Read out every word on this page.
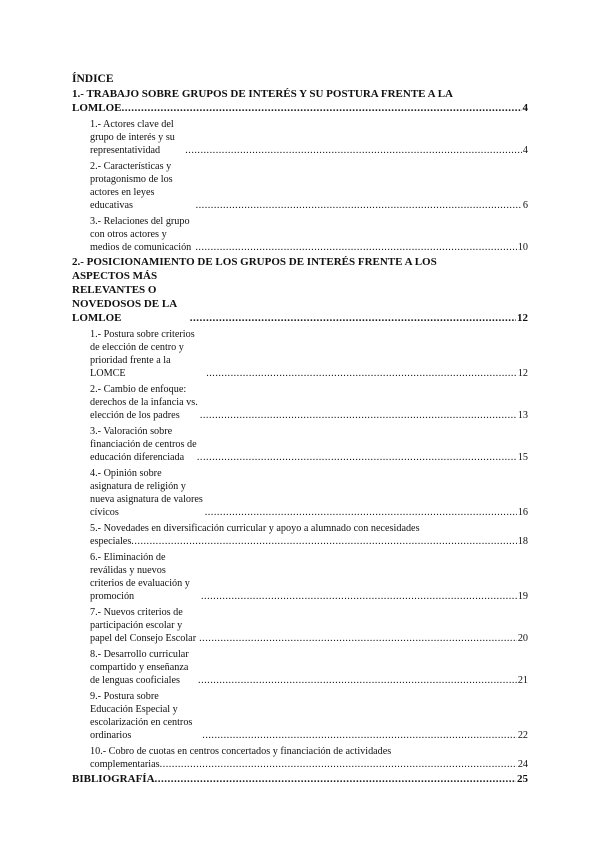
ÍNDICE
1.- TRABAJO SOBRE GRUPOS DE INTERÉS Y SU POSTURA FRENTE A LA
LOMLOE .....	4
1.- Actores clave del grupo de interés y su representatividad .....	4
2.- Características y protagonismo de los actores en leyes educativas .....	6
3.- Relaciones del grupo con otros actores y medios de comunicación .....	10
2.- POSICIONAMIENTO DE LOS GRUPOS DE INTERÉS FRENTE A LOS
ASPECTOS MÁS RELEVANTES O NOVEDOSOS DE LA LOMLOE .....	12
1.- Postura sobre criterios de elección de centro y prioridad frente a la LOMCE .....	12
2.- Cambio de enfoque: derechos de la infancia vs. elección de los padres .....	13
3.- Valoración sobre financiación de centros de educación diferenciada .....	15
4.- Opinión sobre asignatura de religión y nueva asignatura de valores cívicos .....	16
5.- Novedades en diversificación curricular y apoyo a alumnado con necesidades
especiales .....	18
6.- Eliminación de reválidas y nuevos criterios de evaluación y promoción .....	19
7.- Nuevos criterios de participación escolar y papel del Consejo Escolar .....	20
8.- Desarrollo curricular compartido y enseñanza de lenguas cooficiales .....	21
9.- Postura sobre Educación Especial y escolarización en centros ordinarios .....	22
10.- Cobro de cuotas en centros concertados y financiación de actividades
complementarias .....	24
BIBLIOGRAFÍA .....	25
